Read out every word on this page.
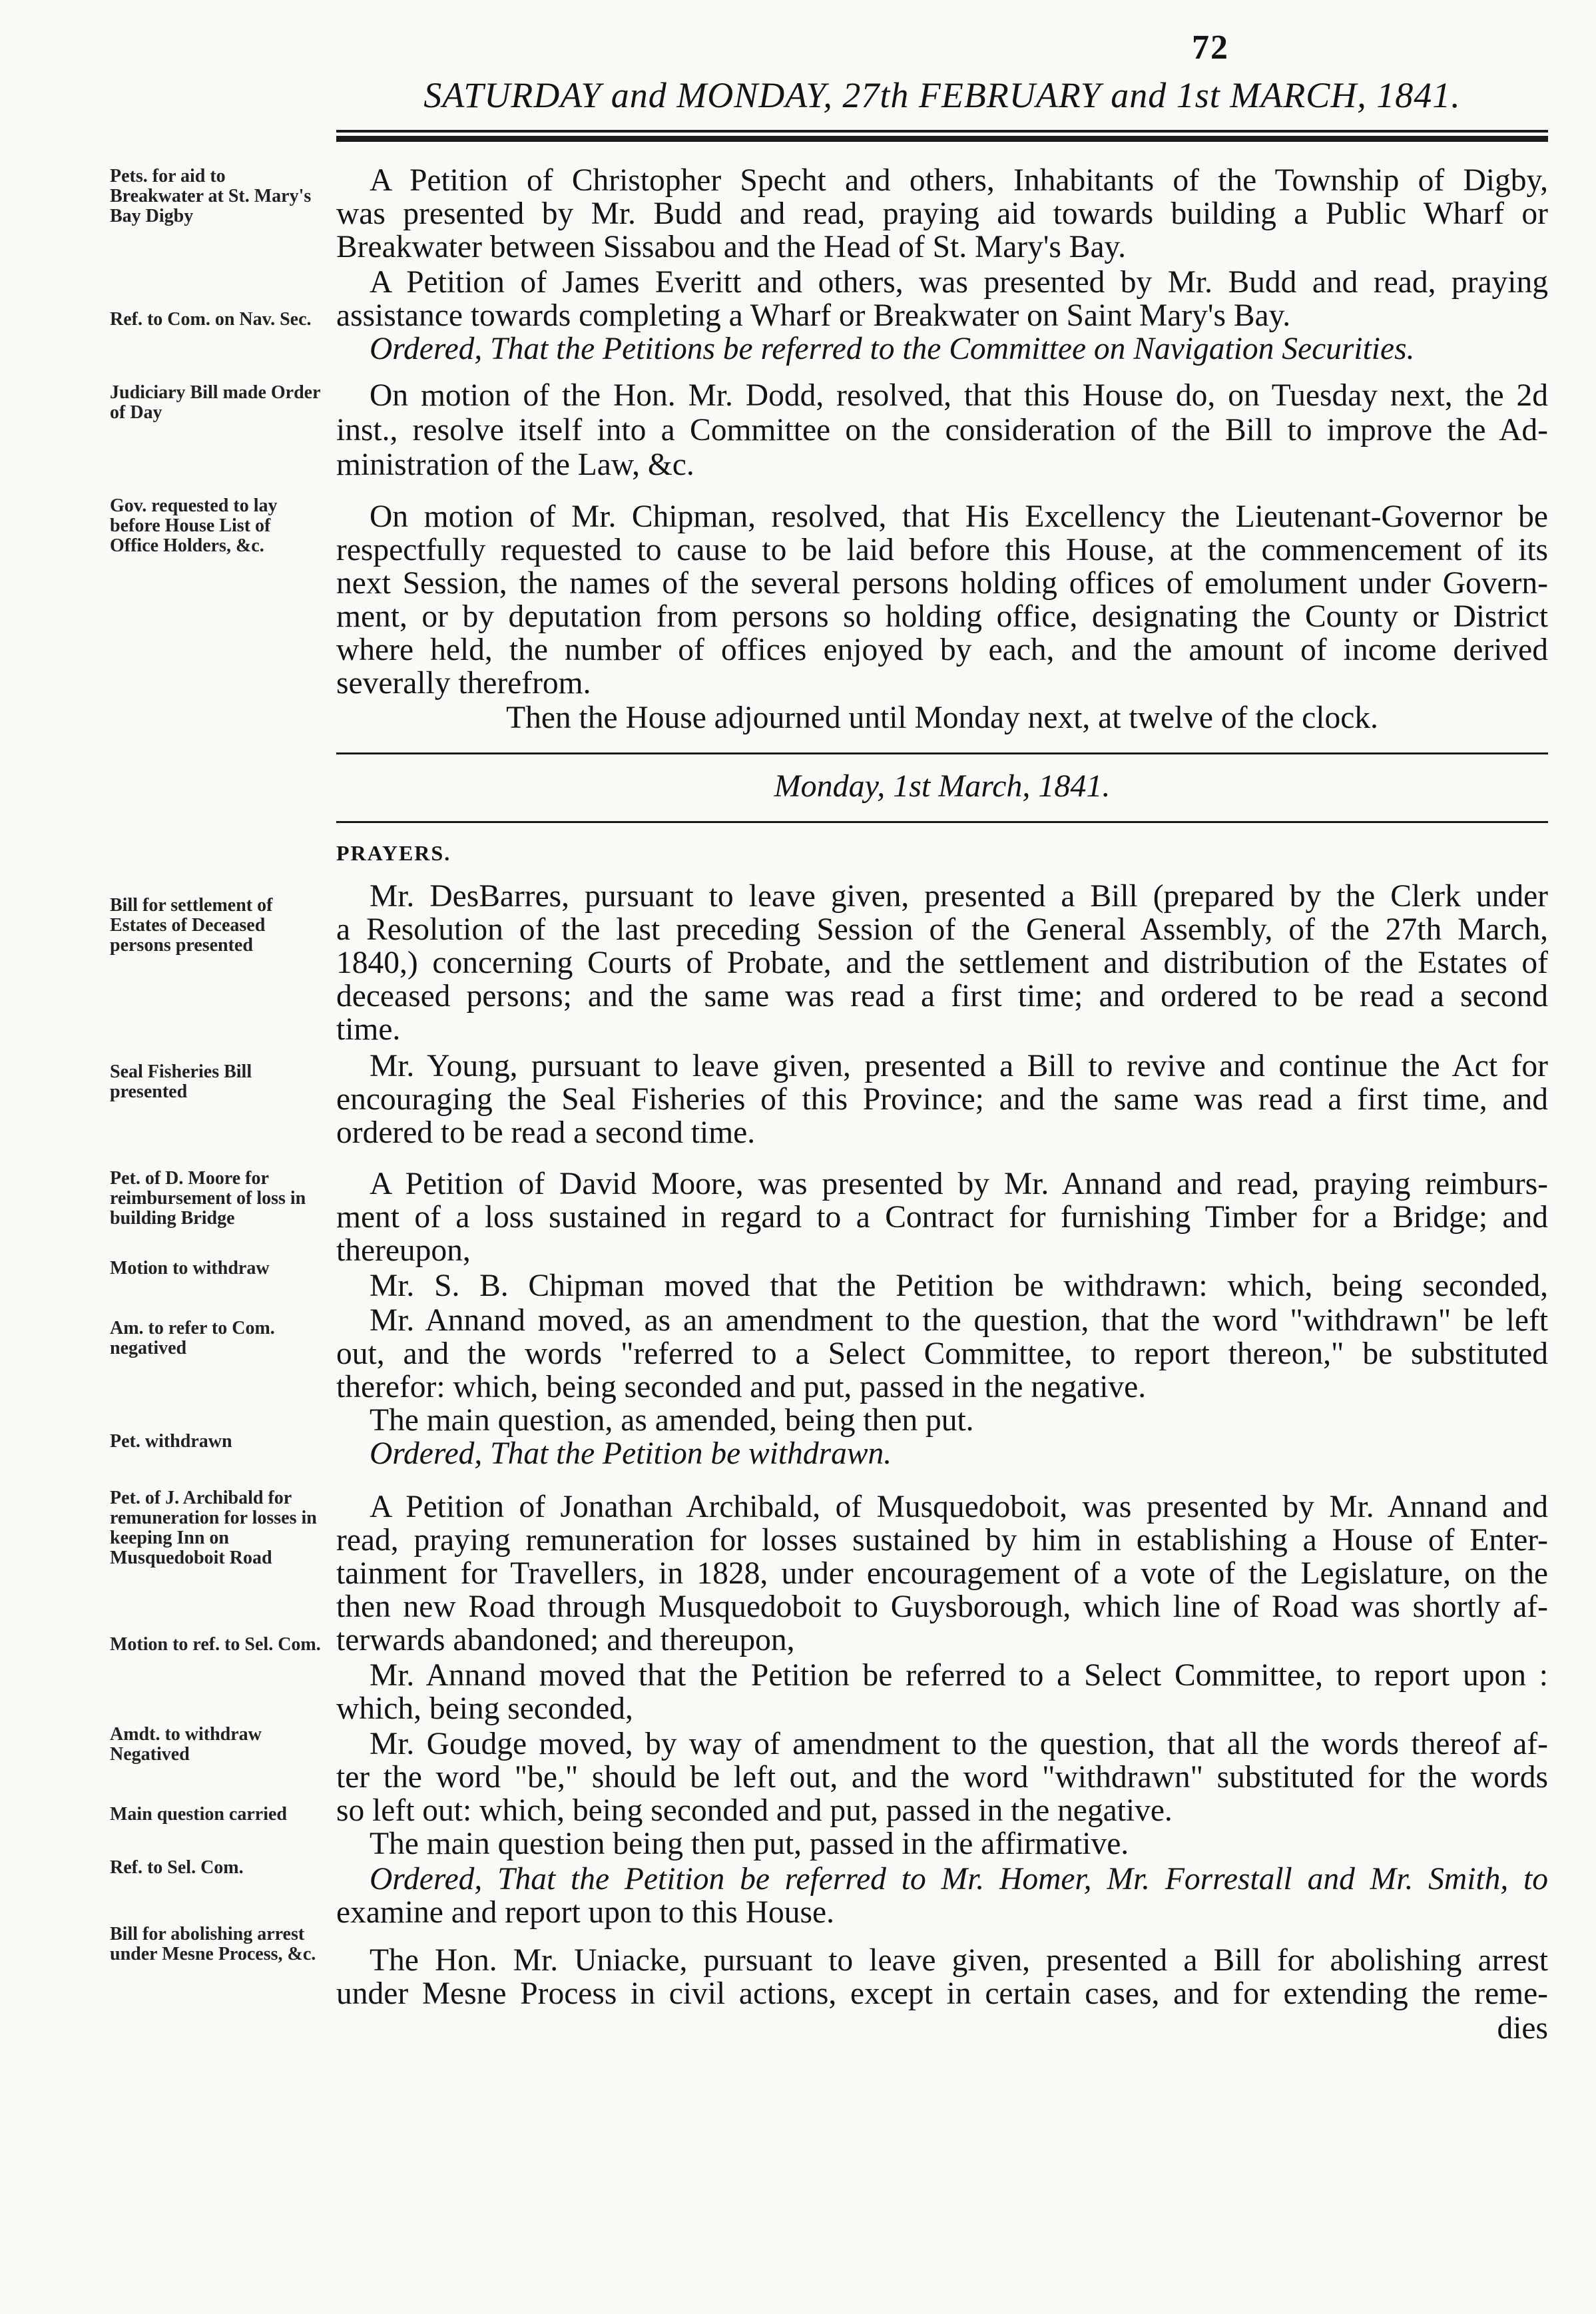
72
SATURDAY and MONDAY, 27th FEBRUARY and 1st MARCH, 1841.
Pets. for aid to Breakwater at St. Mary's Bay Digby
Ref. to Com. on Nav. Sec.
Judiciary Bill made Order of Day
Gov. requested to lay before House List of Office Holders, &c.
Bill for settlement of Estates of Deceased persons presented
Seal Fisheries Bill presented
Pet. of D. Moore for reimbursement of loss in building Bridge
Motion to withdraw
Am. to refer to Com. negatived
Pet. withdrawn
Pet. of J. Archibald for remuneration for losses in keeping Inn on Musquedoboit Road
Motion to ref. to Sel. Com.
Amdt. to withdraw Negatived
Main question carried
Ref. to Sel. Com.
Bill for abolishing arrest under Mesne Process, &c.
A Petition of Christopher Specht and others, Inhabitants of the Township of Digby,
was presented by Mr. Budd and read, praying aid towards building a Public Wharf or
Breakwater between Sissabou and the Head of St. Mary's Bay.
A Petition of James Everitt and others, was presented by Mr. Budd and read, praying
assistance towards completing a Wharf or Breakwater on Saint Mary's Bay.
Ordered, That the Petitions be referred to the Committee on Navigation Securities.
On motion of the Hon. Mr. Dodd, resolved, that this House do, on Tuesday next, the 2d
inst., resolve itself into a Committee on the consideration of the Bill to improve the Ad-
ministration of the Law, &c.
On motion of Mr. Chipman, resolved, that His Excellency the Lieutenant-Governor be
respectfully requested to cause to be laid before this House, at the commencement of its
next Session, the names of the several persons holding offices of emolument under Govern-
ment, or by deputation from persons so holding office, designating the County or District
where held, the number of offices enjoyed by each, and the amount of income derived
severally therefrom.
Then the House adjourned until Monday next, at twelve of the clock.
Mr. DesBarres, pursuant to leave given, presented a Bill (prepared by the Clerk under
a Resolution of the last preceding Session of the General Assembly, of the 27th March,
1840,) concerning Courts of Probate, and the settlement and distribution of the Estates of
deceased persons; and the same was read a first time; and ordered to be read a second
time.
Mr. Young, pursuant to leave given, presented a Bill to revive and continue the Act for
encouraging the Seal Fisheries of this Province; and the same was read a first time, and
ordered to be read a second time.
A Petition of David Moore, was presented by Mr. Annand and read, praying reimburs-
ment of a loss sustained in regard to a Contract for furnishing Timber for a Bridge; and
thereupon,
Mr. S. B. Chipman moved that the Petition be withdrawn: which, being seconded,
Mr. Annand moved, as an amendment to the question, that the word "withdrawn" be left
out, and the words "referred to a Select Committee, to report thereon," be substituted
therefor: which, being seconded and put, passed in the negative.
The main question, as amended, being then put.
Ordered, That the Petition be withdrawn.
A Petition of Jonathan Archibald, of Musquedoboit, was presented by Mr. Annand and
read, praying remuneration for losses sustained by him in establishing a House of Enter-
tainment for Travellers, in 1828, under encouragement of a vote of the Legislature, on the
then new Road through Musquedoboit to Guysborough, which line of Road was shortly af-
terwards abandoned; and thereupon,
Mr. Annand moved that the Petition be referred to a Select Committee, to report upon :
which, being seconded,
Mr. Goudge moved, by way of amendment to the question, that all the words thereof af-
ter the word "be," should be left out, and the word "withdrawn" substituted for the words
so left out: which, being seconded and put, passed in the negative.
The main question being then put, passed in the affirmative.
Ordered, That the Petition be referred to Mr. Homer, Mr. Forrestall and Mr. Smith, to
examine and report upon to this House.
The Hon. Mr. Uniacke, pursuant to leave given, presented a Bill for abolishing arrest
under Mesne Process in civil actions, except in certain cases, and for extending the reme-
dies
Monday, 1st March, 1841.
PRAYERS.
